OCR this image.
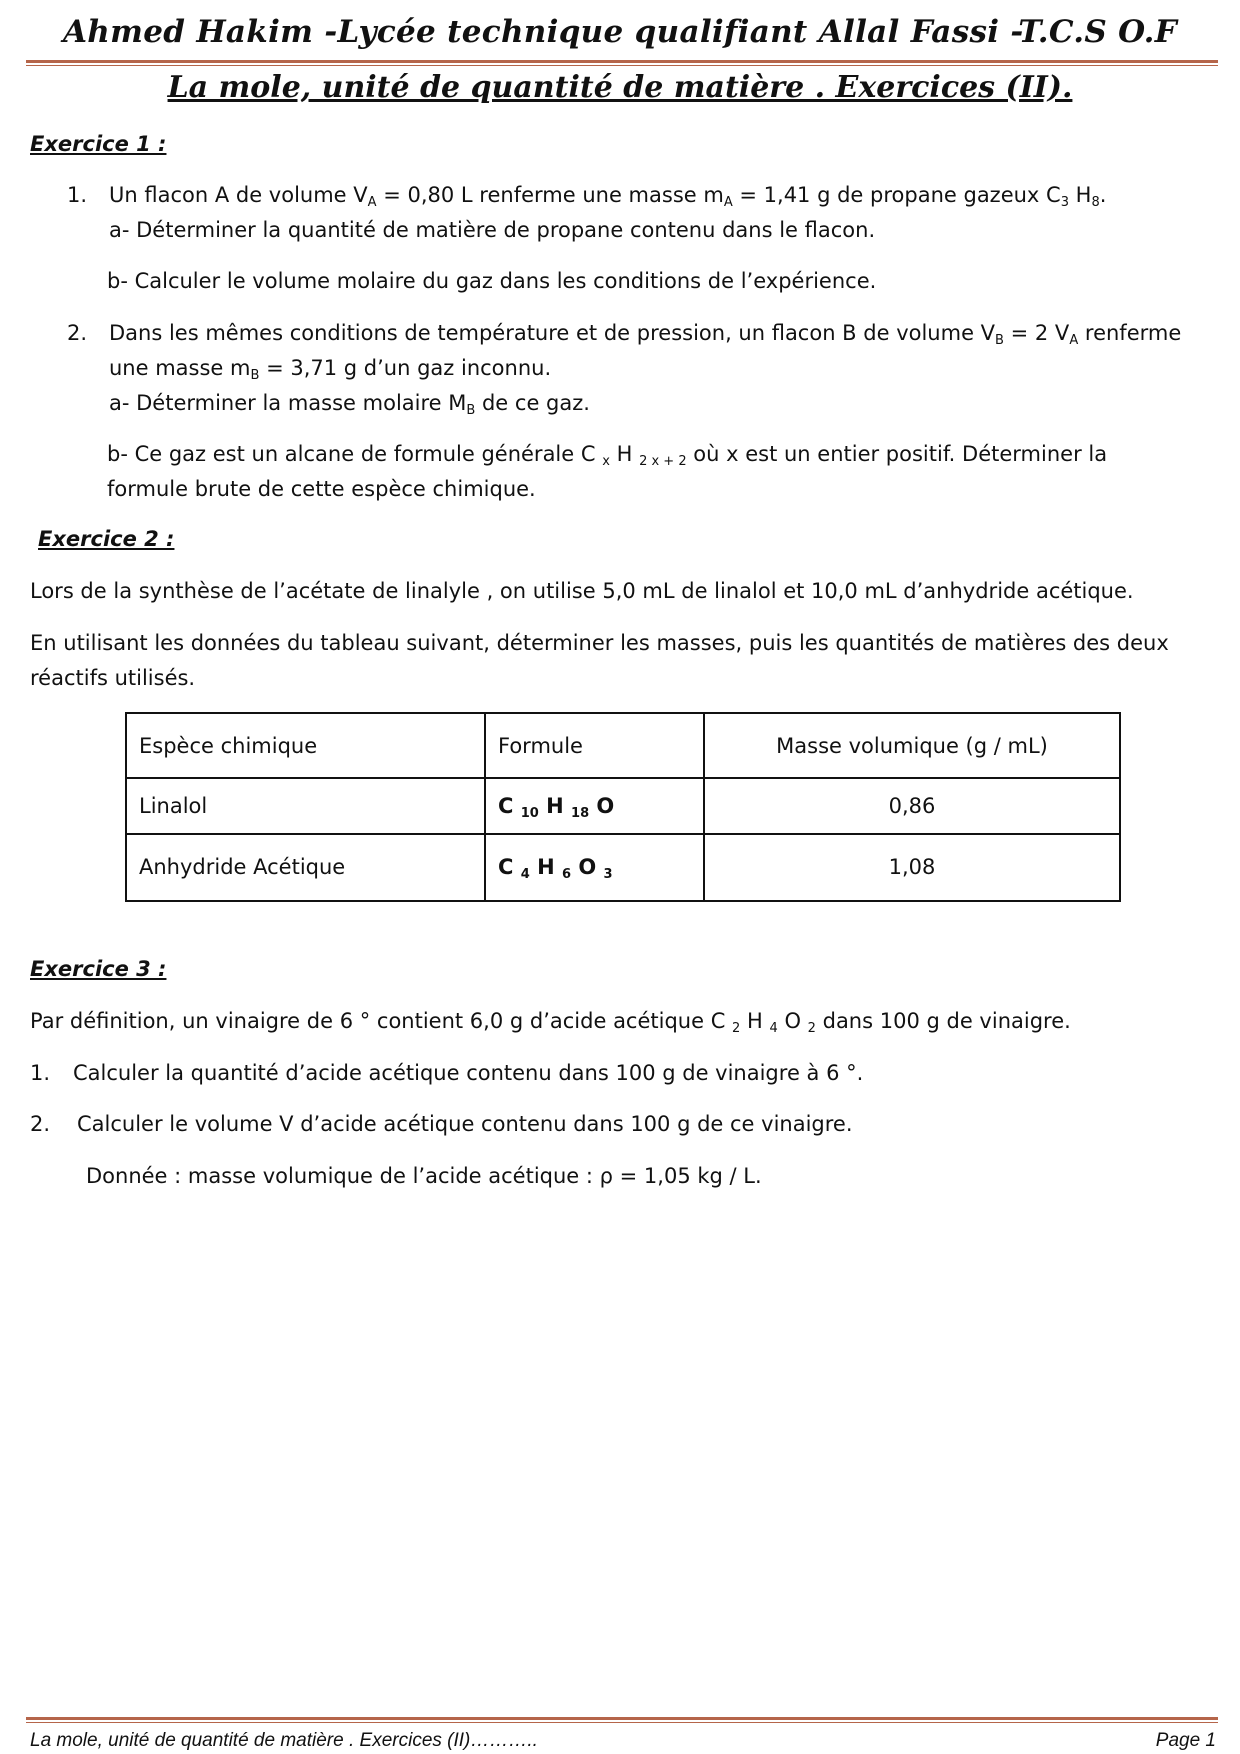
Ahmed Hakim -Lycée technique qualifiant Allal Fassi -T.C.S O.F
La mole, unité de quantité de matière . Exercices (II).
Exercice 1 :
1. Un flacon A de volume $V_A = 0,80$ L renferme une masse $m_A = 1,41$ g de propane gazeux $C_3$ $H_8$.
a- Déterminer la quantité de matière de propane contenu dans le flacon.
b- Calculer le volume molaire du gaz dans les conditions de l’expérience.
2. Dans les mêmes conditions de température et de pression, un flacon B de volume $V_B = 2$ $V_A$ renferme
une masse $m_B = 3,71$ g d’un gaz inconnu.
a- Déterminer la masse molaire $M_B$ de ce gaz.
b- Ce gaz est un alcane de formule générale C $_x$ H $_{2 x + 2}$ où x est un entier positif. Déterminer la
formule brute de cette espèce chimique.
Exercice 2 :
Lors de la synthèse de l’acétate de linalyle , on utilise 5,0 mL de linalol et 10,0 mL d’anhydride acétique.
En utilisant les données du tableau suivant, déterminer les masses, puis les quantités de matières des deux
réactifs utilisés.
Espèce chimique	Formule	Masse volumique (g / mL)
Linalol	C $_{10}$ H $_{18}$ O	0,86
Anhydride Acétique	C $_4$ H $_6$ O $_3$	1,08
Exercice 3 :
Par définition, un vinaigre de 6 ° contient 6,0 g d’acide acétique C $_2$ H $_4$ O $_2$ dans 100 g de vinaigre.
1. Calculer la quantité d’acide acétique contenu dans 100 g de vinaigre à 6 °.
2. Calculer le volume V d’acide acétique contenu dans 100 g de ce vinaigre.
Donnée : masse volumique de l’acide acétique : ρ = 1,05 kg / L.
La mole, unité de quantité de matière . Exercices (II)………..	Page 1
